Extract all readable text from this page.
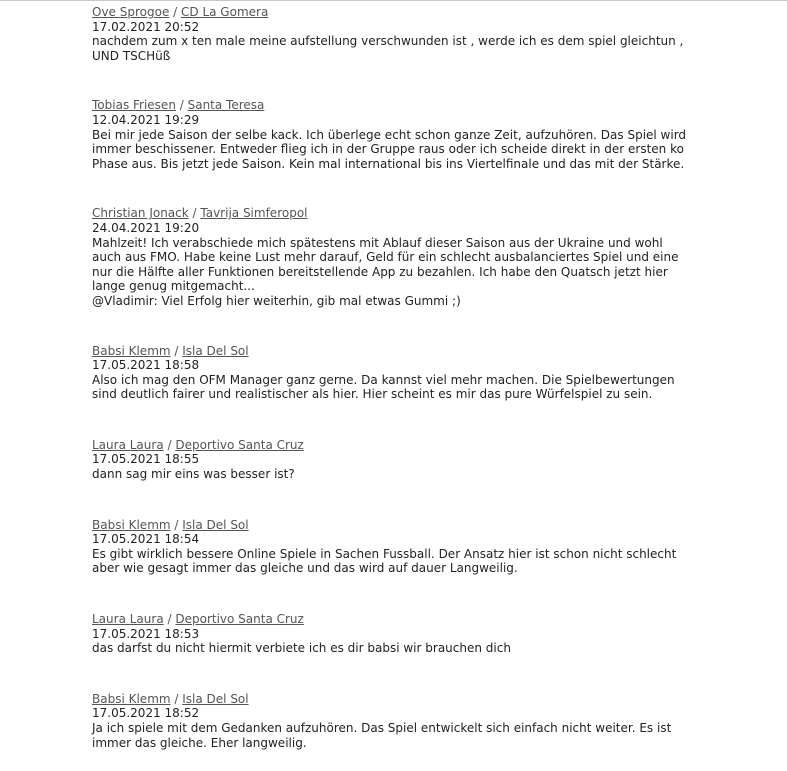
Ove Sprogoe / CD La Gomera
17.02.2021 20:52
nachdem zum x ten male meine aufstellung verschwunden ist , werde ich es dem spiel gleichtun ,
UND TSCHüß
Tobias Friesen / Santa Teresa
12.04.2021 19:29
Bei mir jede Saison der selbe kack. Ich überlege echt schon ganze Zeit, aufzuhören. Das Spiel wird
immer beschissener. Entweder flieg ich in der Gruppe raus oder ich scheide direkt in der ersten ko
Phase aus. Bis jetzt jede Saison. Kein mal international bis ins Viertelfinale und das mit der Stärke.
Christian Jonack / Tavrija Simferopol
24.04.2021 19:20
Mahlzeit! Ich verabschiede mich spätestens mit Ablauf dieser Saison aus der Ukraine und wohl
auch aus FMO. Habe keine Lust mehr darauf, Geld für ein schlecht ausbalanciertes Spiel und eine
nur die Hälfte aller Funktionen bereitstellende App zu bezahlen. Ich habe den Quatsch jetzt hier
lange genug mitgemacht...
@Vladimir: Viel Erfolg hier weiterhin, gib mal etwas Gummi ;)
Babsi Klemm / Isla Del Sol
17.05.2021 18:58
Also ich mag den OFM Manager ganz gerne. Da kannst viel mehr machen. Die Spielbewertungen
sind deutlich fairer und realistischer als hier. Hier scheint es mir das pure Würfelspiel zu sein.
Laura Laura / Deportivo Santa Cruz
17.05.2021 18:55
dann sag mir eins was besser ist?
Babsi Klemm / Isla Del Sol
17.05.2021 18:54
Es gibt wirklich bessere Online Spiele in Sachen Fussball. Der Ansatz hier ist schon nicht schlecht
aber wie gesagt immer das gleiche und das wird auf dauer Langweilig.
Laura Laura / Deportivo Santa Cruz
17.05.2021 18:53
das darfst du nicht hiermit verbiete ich es dir babsi wir brauchen dich
Babsi Klemm / Isla Del Sol
17.05.2021 18:52
Ja ich spiele mit dem Gedanken aufzuhören. Das Spiel entwickelt sich einfach nicht weiter. Es ist
immer das gleiche. Eher langweilig.
